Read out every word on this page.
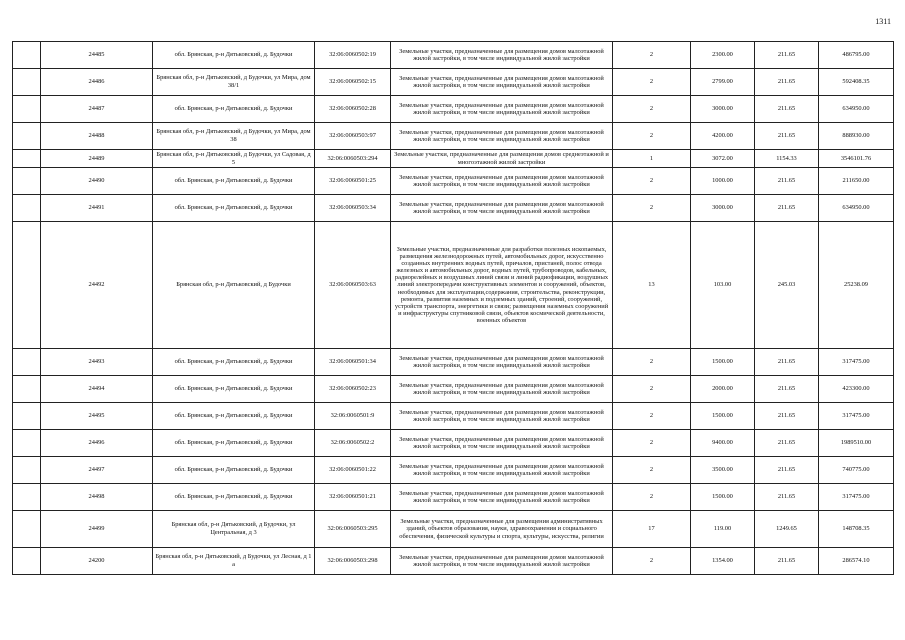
1311
	24485	обл. Брянская, р-н Дятьковский, д. Будочки	32:06:0060502:19	Земельные участки, предназначенные для размещения домов малоэтажной жилой застройки, в том числе индивидуальной жилой застройки	2	2300.00	211.65	486795.00
	24486	Брянская обл, р-н Дятьковский, д Будочки, ул Мира, дом 38/1	32:06:0060502:15	Земельные участки, предназначенные для размещения домов малоэтажной жилой застройки, в том числе индивидуальной жилой застройки	2	2799.00	211.65	592408.35
	24487	обл. Брянская, р-н Дятьковский, д. Будочки	32:06:0060502:28	Земельные участки, предназначенные для размещения домов малоэтажной жилой застройки, в том числе индивидуальной жилой застройки	2	3000.00	211.65	634950.00
	24488	Брянская обл, р-н Дятьковский, д Будочки, ул Мира, дом 38	32:06:0060503:97	Земельные участки, предназначенные для размещения домов малоэтажной жилой застройки, в том числе индивидуальной жилой застройки	2	4200.00	211.65	888930.00
	24489	Брянская обл, р-н Дятьковский, д Будочки, ул Садовая, д 5	32:06:0060503:294	Земельные участки, предназначенные для размещения домов среднеэтажной и многоэтажной жилой застройки	1	3072.00	1154.33	3546101.76
	24490	обл. Брянская, р-н Дятьковский, д. Будочки	32:06:0060501:25	Земельные участки, предназначенные для размещения домов малоэтажной жилой застройки, в том числе индивидуальной жилой застройки	2	1000.00	211.65	211650.00
	24491	обл. Брянская, р-н Дятьковский, д. Будочки	32:06:0060503:34	Земельные участки, предназначенные для размещения домов малоэтажной жилой застройки, в том числе индивидуальной жилой застройки	2	3000.00	211.65	634950.00
	24492	Брянская обл, р-н Дятьковский, д Будочки	32:06:0060503:63	Земельные участки, предназначенные для разработки полезных ископаемых, размещения железнодорожных путей, автомобильных дорог, искусственно созданных внутренних водных путей, причалов, пристаней, полос отвода железных и автомобильных дорог, водных путей, трубопроводов, кабельных, радиорелейных и воздушных линий связи и линий радиофикации, воздушных линий электропередачи конструктивных элементов и сооружений, объектов, необходимых для эксплуатации,содержания, строительства, реконструкции, ремонта, развития наземных и подземных зданий, строений, сооружений, устройств транспорта, энергетики и связи; размещения наземных сооружений и инфраструктуры спутниковой связи, объектов космической деятельности, военных объектов	13	103.00	245.03	25238.09
	24493	обл. Брянская, р-н Дятьковский, д. Будочки	32:06:0060501:34	Земельные участки, предназначенные для размещения домов малоэтажной жилой застройки, в том числе индивидуальной жилой застройки	2	1500.00	211.65	317475.00
	24494	обл. Брянская, р-н Дятьковский, д. Будочки	32:06:0060502:23	Земельные участки, предназначенные для размещения домов малоэтажной жилой застройки, в том числе индивидуальной жилой застройки	2	2000.00	211.65	423300.00
	24495	обл. Брянская, р-н Дятьковский, д. Будочки	32:06:0060501:9	Земельные участки, предназначенные для размещения домов малоэтажной жилой застройки, в том числе индивидуальной жилой застройки	2	1500.00	211.65	317475.00
	24496	обл. Брянская, р-н Дятьковский, д. Будочки	32:06:0060502:2	Земельные участки, предназначенные для размещения домов малоэтажной жилой застройки, в том числе индивидуальной жилой застройки	2	9400.00	211.65	1989510.00
	24497	обл. Брянская, р-н Дятьковский, д. Будочки	32:06:0060501:22	Земельные участки, предназначенные для размещения домов малоэтажной жилой застройки, в том числе индивидуальной жилой застройки	2	3500.00	211.65	740775.00
	24498	обл. Брянская, р-н Дятьковский, д. Будочки	32:06:0060501:21	Земельные участки, предназначенные для размещения домов малоэтажной жилой застройки, в том числе индивидуальной жилой застройки	2	1500.00	211.65	317475.00
	24499	Брянская обл, р-н Дятьковский, д Будочки, ул Центральная, д 3	32:06:0060503:295	Земельные участки, предназначенные для размещения административных зданий, объектов образования, науки, здравоохранения и социального обеспечения, физической культуры и спорта, культуры, искусства, религии	17	119.00	1249.65	148708.35
	24200	Брянская обл, р-н Дятьковский, д Будочки, ул Лесная, д 1 а	32:06:0060503:298	Земельные участки, предназначенные для размещения домов малоэтажной жилой застройки, в том числе индивидуальной жилой застройки	2	1354.00	211.65	286574.10
